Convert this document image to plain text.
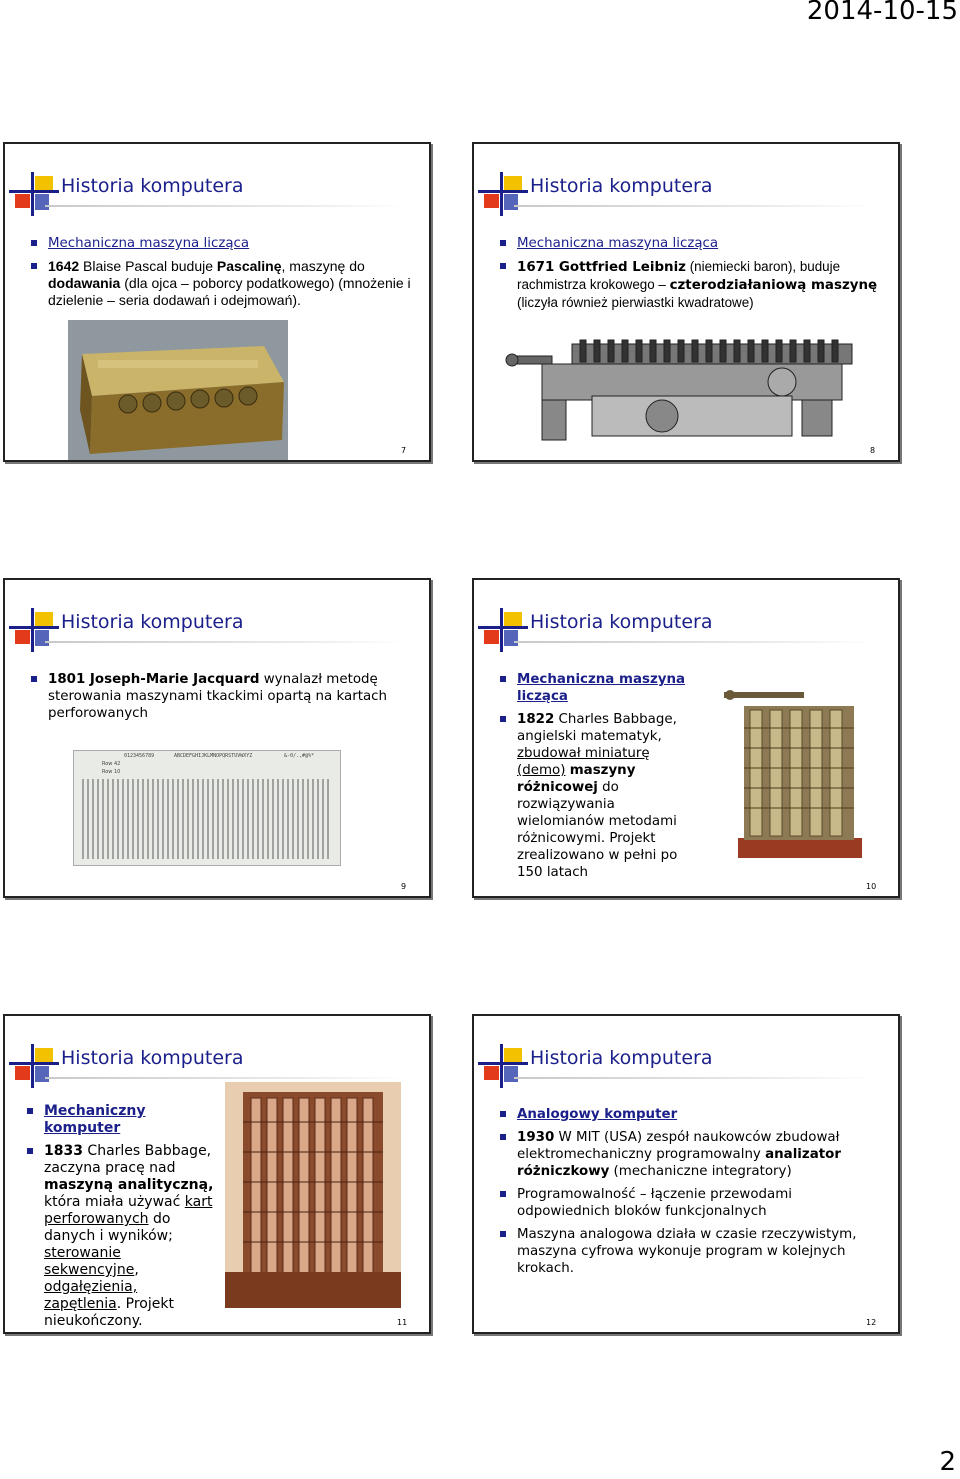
2014-10-15
Historia komputera
Mechaniczna maszyna licząca
1642 Blaise Pascal buduje Pascalinę, maszynę do dodawania (dla ojca – poborcy podatkowego) (mnożenie i dzielenie – seria dodawań i odejmowań).
7
Historia komputera
Mechaniczna maszyna licząca
1671 Gottfried Leibniz (niemiecki baron), buduje rachmistrza krokowego – czterodziałaniową maszynę (liczyła również pierwiastki kwadratowe)
8
Historia komputera
1801 Joseph-Marie Jacquard wynalazł metodę sterowania maszynami tkackimi opartą na kartach perforowanych
0123456789	ABCDEFGHIJKLMNOPQRSTUVWXYZ	&-0/.,#@%*
Row 42
Row 10
9
Historia komputera
Mechaniczna maszyna licząca
1822 Charles Babbage, angielski matematyk, zbudował miniaturę (demo) maszyny różnicowej do rozwiązywania wielomianów metodami różnicowymi. Projekt zrealizowano w pełni po 150 latach
10
Historia komputera
Mechaniczny komputer
1833 Charles Babbage, zaczyna pracę nad maszyną analityczną, która miała używać kart perforowanych do danych i wyników; sterowanie sekwencyjne, odgałęzienia, zapętlenia. Projekt nieukończony.	11
Historia komputera
Analogowy komputer
1930 W MIT (USA) zespół naukowców zbudował elektromechaniczny programowalny analizator różniczkowy (mechaniczne integratory)
Programowalność – łączenie przewodami odpowiednich bloków funkcjonalnych
Maszyna analogowa działa w czasie rzeczywistym, maszyna cyfrowa wykonuje program w kolejnych krokach.
12
2
